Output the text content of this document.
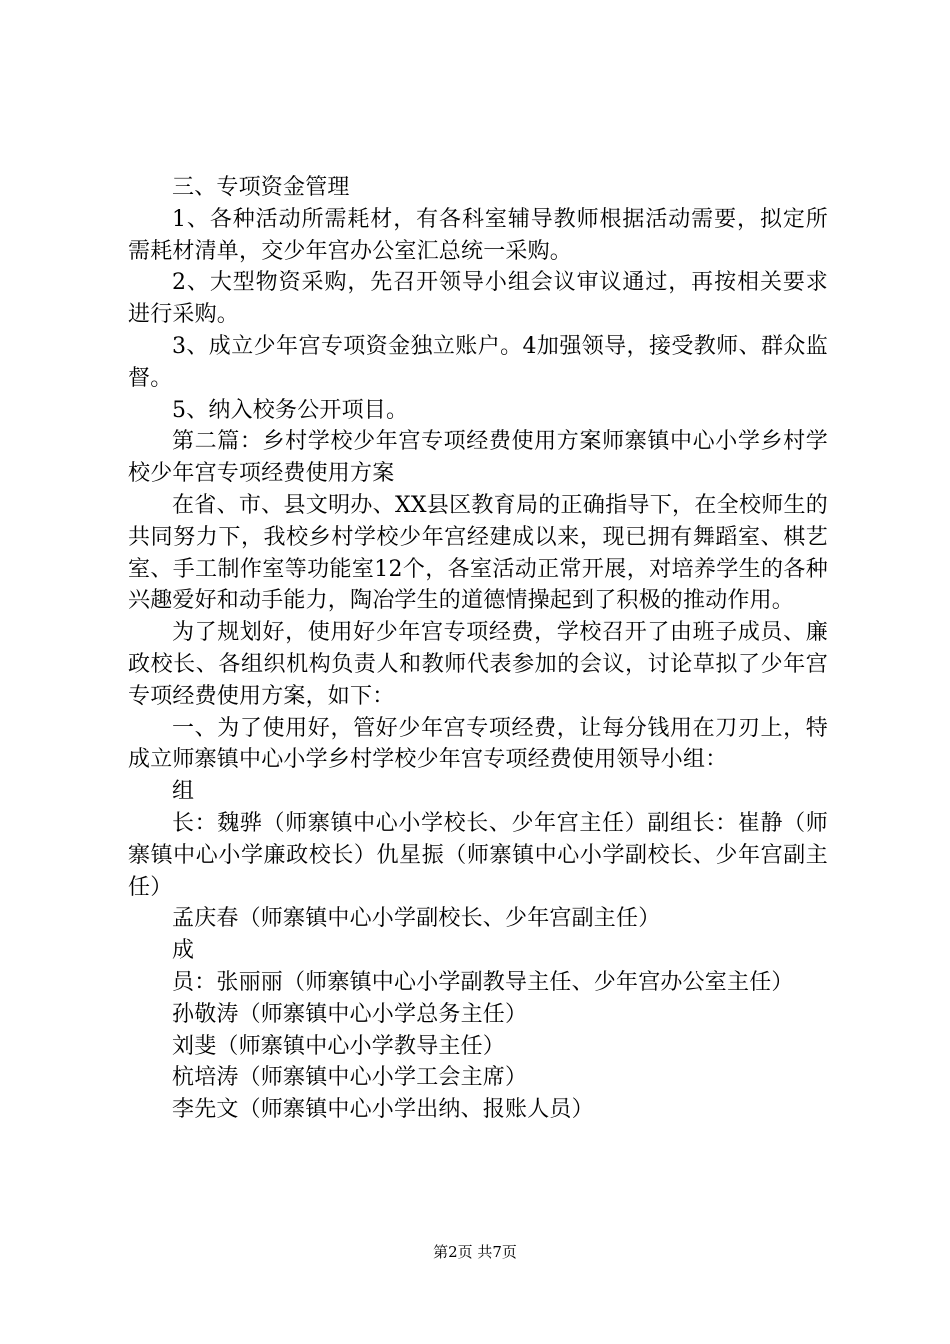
三、专项资金管理

1、各种活动所需耗材，有各科室辅导教师根据活动需要，拟定所需耗材清单，交少年宫办公室汇总统一采购。

2、大型物资采购，先召开领导小组会议审议通过，再按相关要求进行采购。

3、成立少年宫专项资金独立账户。4加强领导，接受教师、群众监督。

5、纳入校务公开项目。

第二篇：乡村学校少年宫专项经费使用方案师寨镇中心小学乡村学校少年宫专项经费使用方案

在省、市、县文明办、XX县区教育局的正确指导下，在全校师生的共同努力下，我校乡村学校少年宫经建成以来，现已拥有舞蹈室、棋艺室、手工制作室等功能室12个，各室活动正常开展，对培养学生的各种兴趣爱好和动手能力，陶冶学生的道德情操起到了积极的推动作用。

为了规划好，使用好少年宫专项经费，学校召开了由班子成员、廉政校长、各组织机构负责人和教师代表参加的会议，讨论草拟了少年宫专项经费使用方案，如下：

一、为了使用好，管好少年宫专项经费，让每分钱用在刀刃上，特成立师寨镇中心小学乡村学校少年宫专项经费使用领导小组：

组

长：魏骅（师寨镇中心小学校长、少年宫主任）副组长：崔静（师寨镇中心小学廉政校长）仇星振（师寨镇中心小学副校长、少年宫副主任）

孟庆春（师寨镇中心小学副校长、少年宫副主任）

成

员：张丽丽（师寨镇中心小学副教导主任、少年宫办公室主任）

孙敬涛（师寨镇中心小学总务主任）

刘斐（师寨镇中心小学教导主任）

杭培涛（师寨镇中心小学工会主席）

李先文（师寨镇中心小学出纳、报账人员）

第2页 共7页
